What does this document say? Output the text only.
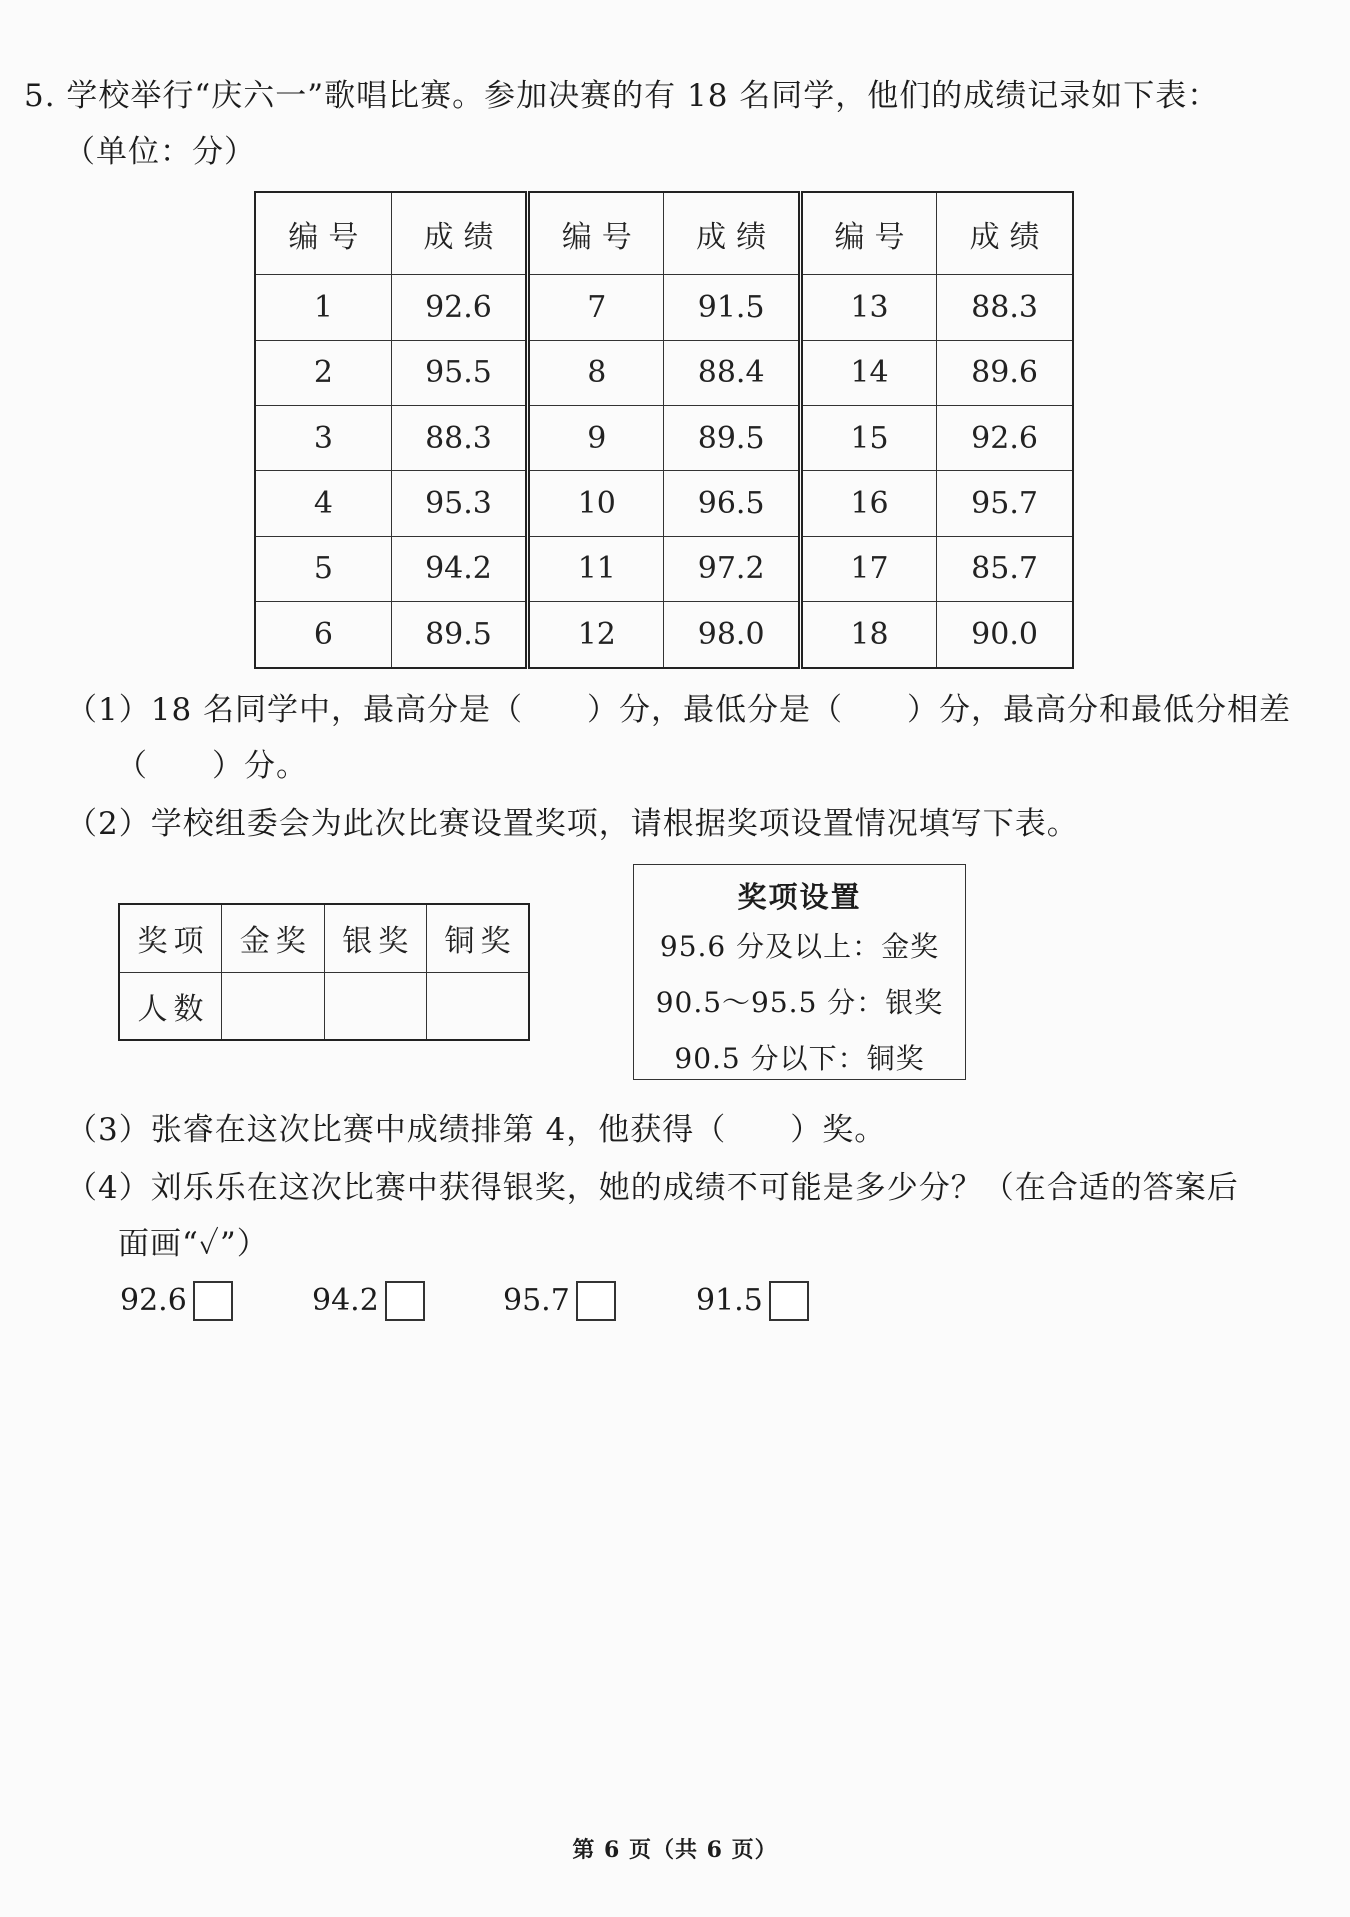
5. 学校举行“庆六一”歌唱比赛。参加决赛的有 18 名同学，他们的成绩记录如下表：
（单位：分）
编号	成绩	编号	成绩	编号	成绩
1	92.6	7	91.5	13	88.3
2	95.5	8	88.4	14	89.6
3	88.3	9	89.5	15	92.6
4	95.3	10	96.5	16	95.7
5	94.2	11	97.2	17	85.7
6	89.5	12	98.0	18	90.0
（1）18 名同学中，最高分是（　　）分，最低分是（　　）分，最高分和最低分相差
（　　）分。
（2）学校组委会为此次比赛设置奖项，请根据奖项设置情况填写下表。
奖项	金奖	银奖	铜奖
人数			
奖项设置
95.6 分及以上：金奖
90.5～95.5 分：银奖
90.5 分以下：铜奖
（3）张睿在这次比赛中成绩排第 4，他获得（　　）奖。
（4）刘乐乐在这次比赛中获得银奖，她的成绩不可能是多少分？（在合适的答案后
面画“✓”）
92.6	94.2	95.7	91.5
第 6 页（共 6 页）
